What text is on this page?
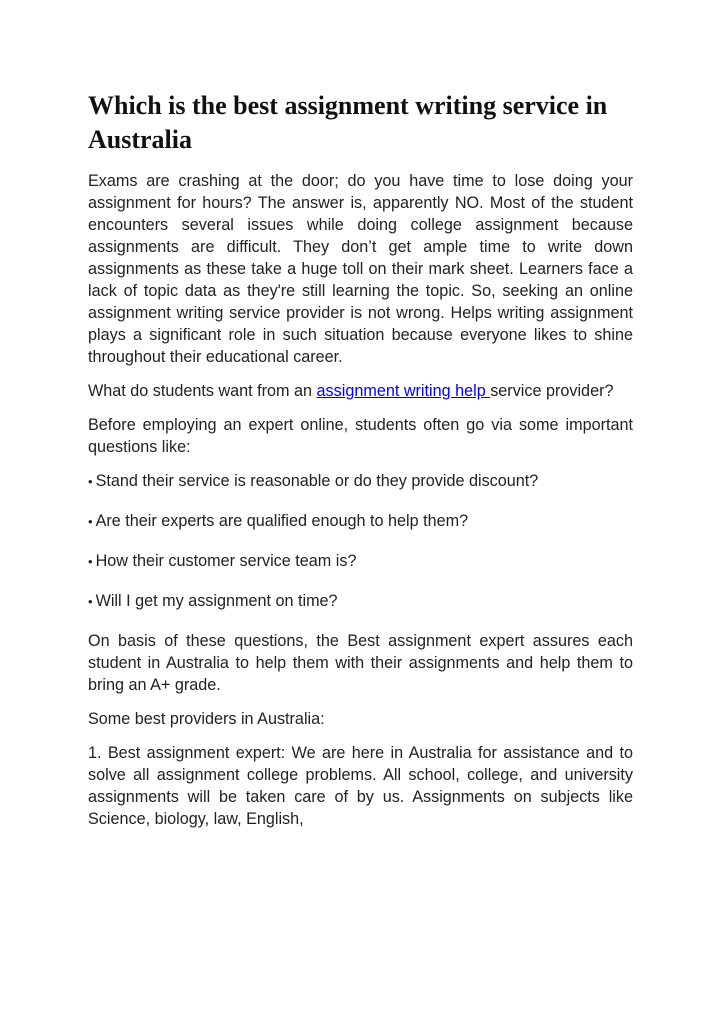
Which is the best assignment writing service in Australia

Exams are crashing at the door; do you have time to lose doing your assignment for hours? The answer is, apparently NO. Most of the student encounters several issues while doing college assignment because assignments are difficult. They don’t get ample time to write down assignments as these take a huge toll on their mark sheet. Learners face a lack of topic data as they're still learning the topic. So, seeking an online assignment writing service provider is not wrong. Helps writing assignment plays a significant role in such situation because everyone likes to shine throughout their educational career.

What do students want from an assignment writing help service provider?

Before employing an expert online, students often go via some important questions like:

• Stand their service is reasonable or do they provide discount?

• Are their experts are qualified enough to help them?

• How their customer service team is?

• Will I get my assignment on time?

On basis of these questions, the Best assignment expert assures each student in Australia to help them with their assignments and help them to bring an A+ grade.

Some best providers in Australia:

1. Best assignment expert: We are here in Australia for assistance and to solve all assignment college problems. All school, college, and university assignments will be taken care of by us. Assignments on subjects like Science, biology, law, English,
